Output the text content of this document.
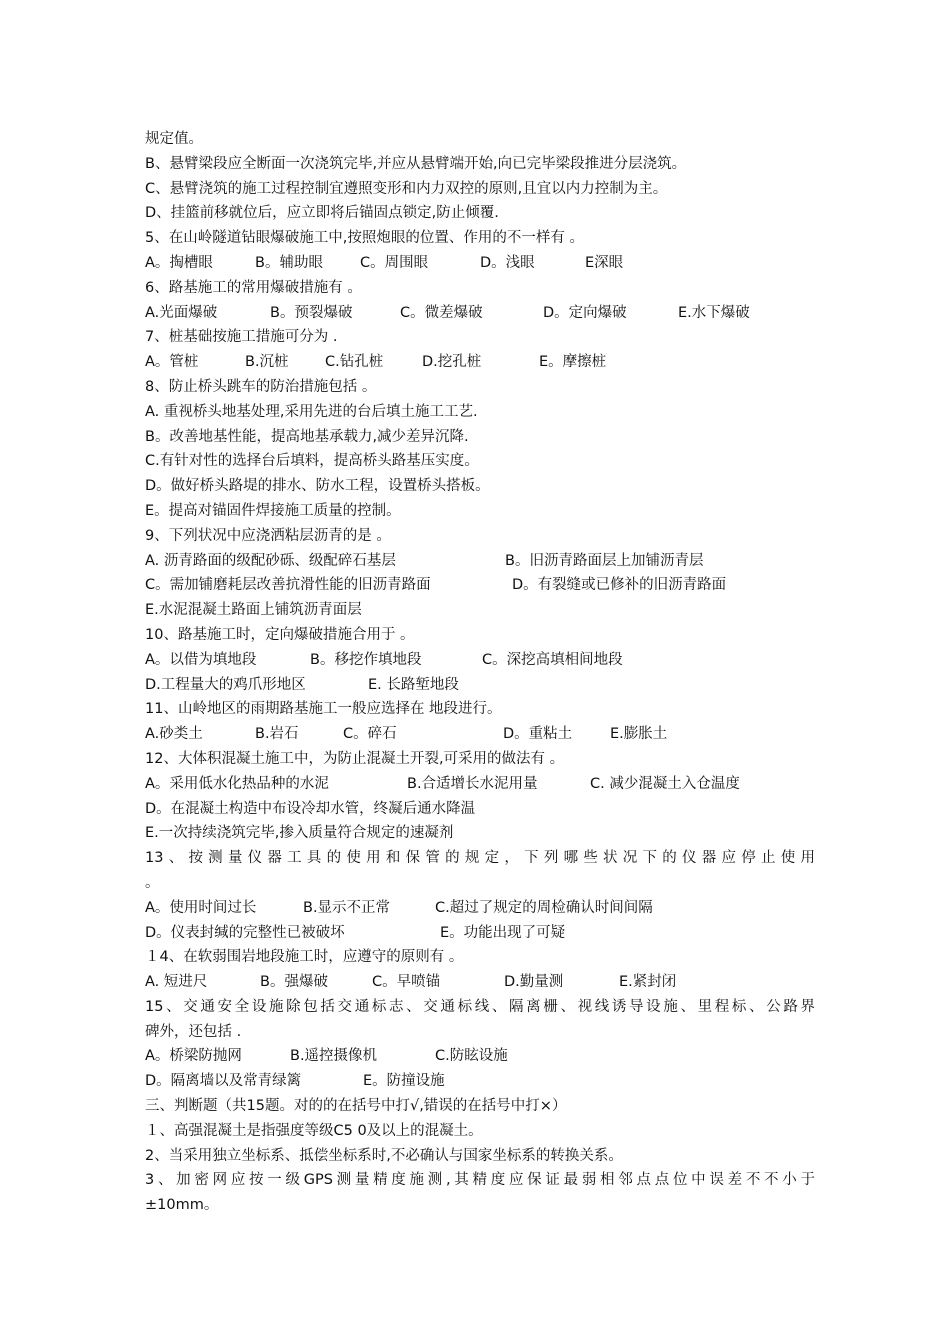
规定值。
B、悬臂梁段应全断面一次浇筑完毕,并应从悬臂端开始,向已完毕梁段推进分层浇筑。
C、悬臂浇筑的施工过程控制宜遵照变形和内力双控的原则,且宜以内力控制为主。
D、挂篮前移就位后，应立即将后锚固点锁定,防止倾覆.
5、在山岭隧道钻眼爆破施工中,按照炮眼的位置、作用的不一样有 。
A。掏槽眼	B。辅助眼	C。周围眼	D。浅眼	E深眼
6、路基施工的常用爆破措施有 。
A.光面爆破	B。预裂爆破	C。微差爆破	D。定向爆破	E.水下爆破
7、桩基础按施工措施可分为 .
A。管桩	B.沉桩	C.钻孔桩	D.挖孔桩	E。摩擦桩
8、防止桥头跳车的防治措施包括 。
A. 重视桥头地基处理,采用先进的台后填土施工工艺.
B。改善地基性能，提高地基承载力,减少差异沉降.
C.有针对性的选择台后填料，提高桥头路基压实度。
D。做好桥头路堤的排水、防水工程，设置桥头搭板。
E。提高对锚固件焊接施工质量的控制。
9、下列状况中应浇洒粘层沥青的是 。
A. 沥青路面的级配砂砾、级配碎石基层	B。旧沥青路面层上加铺沥青层
C。需加铺磨耗层改善抗滑性能的旧沥青路面	D。有裂缝或已修补的旧沥青路面
E.水泥混凝土路面上铺筑沥青面层
10、路基施工时，定向爆破措施合用于 。
A。以借为填地段	B。移挖作填地段	C。深挖高填相间地段
D.工程量大的鸡爪形地区	E. 长路堑地段
11、山岭地区的雨期路基施工一般应选择在 地段进行。
A.砂类土	B.岩石	C。碎石	D。重粘土	E.膨胀土
12、大体积混凝土施工中，为防止混凝土开裂,可采用的做法有 。
A。采用低水化热品种的水泥	B.合适增长水泥用量	C. 减少混凝土入仓温度
D。在混凝土构造中布设冷却水管，终凝后通水降温
E.一次持续浇筑完毕,掺入质量符合规定的速凝剂
13、按测量仪器工具的使用和保管的规定，下列哪些状况下的仪器应停止使用
。
A。使用时间过长	B.显示不正常	C.超过了规定的周检确认时间间隔
D。仪表封缄的完整性已被破坏	E。功能出现了可疑
１4、在软弱围岩地段施工时，应遵守的原则有 。
A. 短进尺	B。强爆破	C。早喷锚	D.勤量测	E.紧封闭
15、交通安全设施除包括交通标志、交通标线、隔离栅、视线诱导设施、里程标、公路界
碑外，还包括 .
A。桥梁防抛网	B.遥控摄像机	C.防眩设施
D。隔离墙以及常青绿篱	E。防撞设施
三、判断题（共15题。对的的在括号中打√,错误的在括号中打×）
１、高强混凝土是指强度等级C5 0及以上的混凝土。
2、当采用独立坐标系、抵偿坐标系时,不必确认与国家坐标系的转换关系。
3、加密网应按一级GPS测量精度施测,其精度应保证最弱相邻点点位中误差不不小于
±10mm。
